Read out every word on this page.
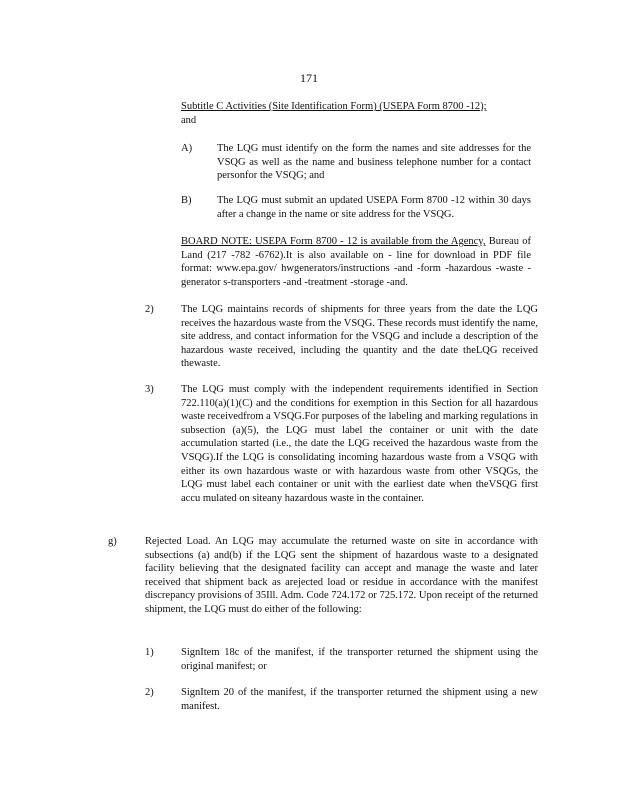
171
Subtitle C Activities (Site Identification Form) (USEPA Form 8700 -12);
and
A) The LQG must identify on the form the names and site addresses for the VSQG as well as the name and business telephone number for a contact personfor the VSQG; and
B) The LQG must submit an updated USEPA Form 8700 -12 within 30 days after a change in the name or site address for the VSQG.
BOARD NOTE: USEPA Form 8700 - 12 is available from the Agency, Bureau of Land (217 -782 -6762).It is also available on - line for download in PDF file format: www.epa.gov/ hwgenerators/instructions -and -form -hazardous -waste -generator s-transporters -and -treatment -storage -and.
2)	The LQG maintains records of shipments for three years from the date the LQG receives the hazardous waste from the VSQG. These records must identify the name, site address, and contact information for the VSQG and include a description of the hazardous waste received, including the quantity and the date theLQG received thewaste.
3)	The LQG must comply with the independent requirements identified in Section 722.110(a)(1)(C) and the conditions for exemption in this Section for all hazardous waste receivedfrom a VSQG.For purposes of the labeling and marking regulations in subsection (a)(5), the LQG must label the container or unit with the date accumulation started (i.e., the date the LQG received the hazardous waste from the VSQG).If the LQG is consolidating incoming hazardous waste from a VSQG with either its own hazardous waste or with hazardous waste from other VSQGs, the LQG must label each container or unit with the earliest date when theVSQG first accu mulated on siteany hazardous waste in the container.
g)	Rejected Load. An LQG may accumulate the returned waste on site in accordance with subsections (a) and(b) if the LQG sent the shipment of hazardous waste to a designated facility believing that the designated facility can accept and manage the waste and later received that shipment back as arejected load or residue in accordance with the manifest discrepancy provisions of 35Ill. Adm. Code 724.172 or 725.172. Upon receipt of the returned shipment, the LQG must do either of the following:
1)	SignItem 18c of the manifest, if the transporter returned the shipment using the original manifest; or
2)	SignItem 20 of the manifest, if the transporter returned the shipment using a new manifest.
